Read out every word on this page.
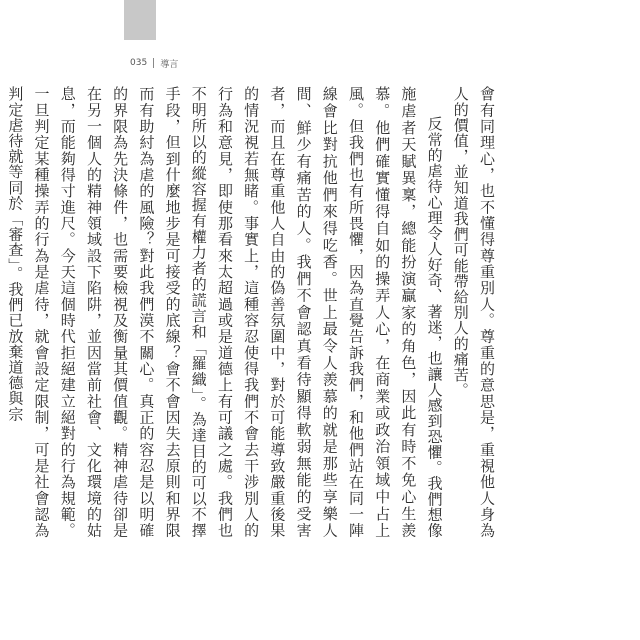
035 導言

會有同理心，也不懂得尊重別人。尊重的意思是，重視他人身為人的價值，並知道我們可能帶給別人的痛苦。

反常的虐待心理令人好奇、著迷，也讓人感到恐懼。我們想像施虐者天賦異稟，總能扮演贏家的角色，因此有時不免心生羨慕。他們確實懂得自如的操弄人心，在商業或政治領域中占上風。但我們也有所畏懼，因為直覺告訴我們，和他們站在同一陣線會比對抗他們來得吃香。世上最令人羨慕的就是那些享樂人間、鮮少有痛苦的人。我們不會認真看待顯得軟弱無能的受害者，而且在尊重他人自由的偽善氛圍中，對於可能導致嚴重後果的情況視若無睹。事實上，這種容忍使得我們不會去干涉別人的行為和意見，即使那看來太超過或是道德上有可議之處。我們也不明所以的縱容握有權力者的謊言和「羅織」。為達目的可以不擇手段，但到什麼地步是可接受的底線？會不會因失去原則和界限而有助紂為虐的風險？對此我們漠不關心。真正的容忍是以明確的界限為先決條件，也需要檢視及衡量其價值觀。精神虐待卻是在另一個人的精神領域設下陷阱，並因當前社會、文化環境的姑息，而能夠得寸進尺。今天這個時代拒絕建立絕對的行為規範。一旦判定某種操弄的行為是虐待，就會設定限制，可是社會認為判定虐待就等同於「審查」。我們已放棄道德與宗
